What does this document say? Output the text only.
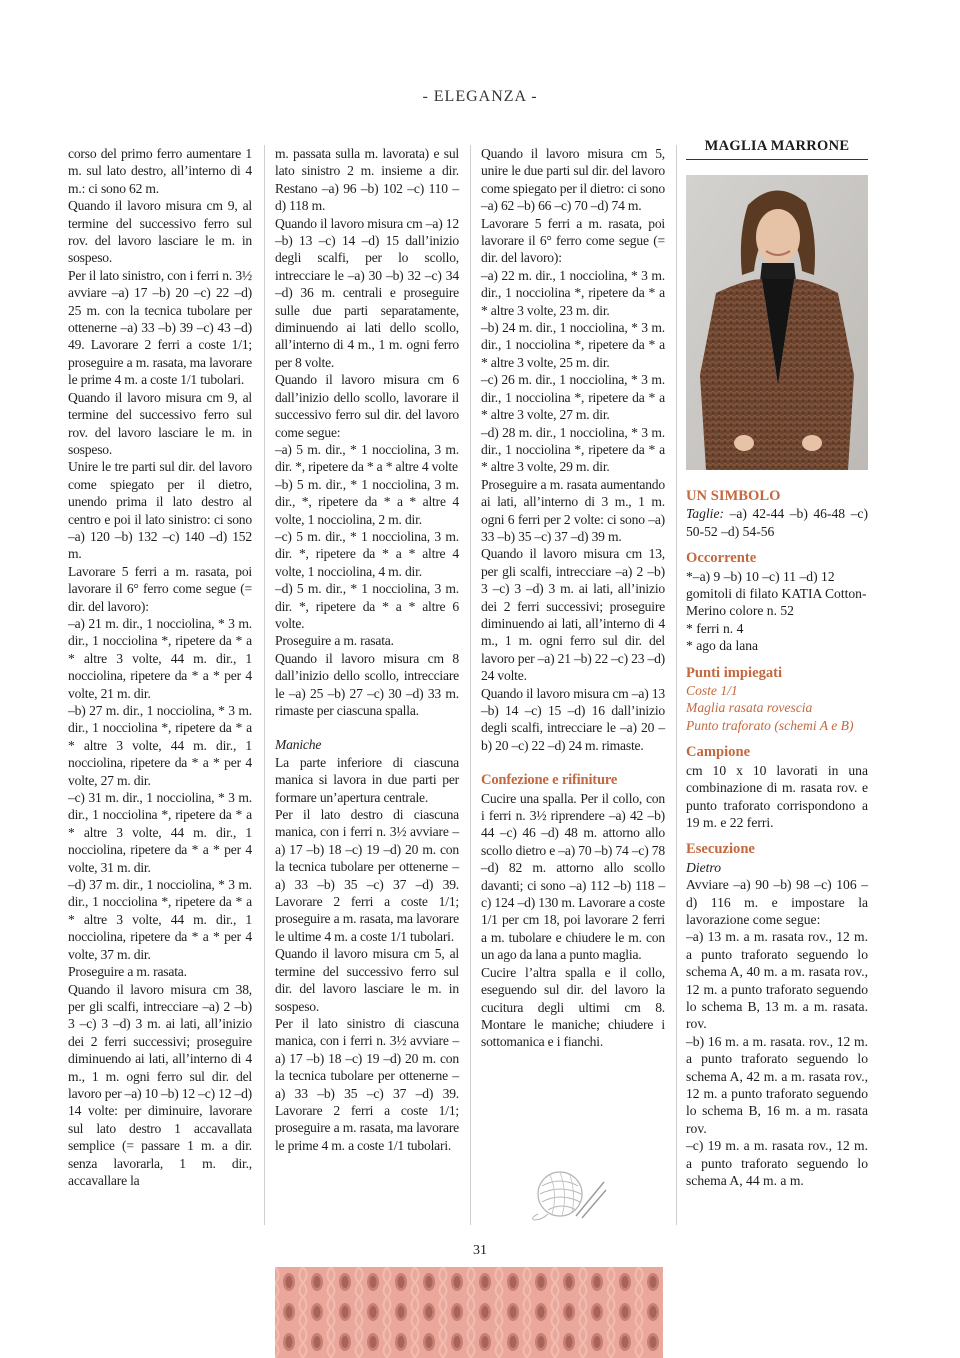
- ELEGANZA -

corso del primo ferro aumentare 1 m. sul lato destro, all’interno di 4 m.: ci sono 62 m.

Quando il lavoro misura cm 9, al termine del successivo ferro sul rov. del lavoro lasciare le m. in sospeso.

Per il lato sinistro, con i ferri n. 3½ avviare –a) 17 –b) 20 –c) 22 –d) 25 m. con la tecnica tubolare per ottenerne –a) 33 –b) 39 –c) 43 –d) 49. Lavorare 2 ferri a coste 1/1; proseguire a m. rasata, ma lavorare le prime 4 m. a coste 1/1 tubolari.

Quando il lavoro misura cm 9, al termine del successivo ferro sul rov. del lavoro lasciare le m. in sospeso.

Unire le tre parti sul dir. del lavoro come spiegato per il dietro, unendo prima il lato destro al centro e poi il lato sinistro: ci sono –a) 120 –b) 132 –c) 140 –d) 152 m.

Lavorare 5 ferri a m. rasata, poi lavorare il 6° ferro come segue (= dir. del lavoro):

–a) 21 m. dir., 1 nocciolina, * 3 m. dir., 1 nocciolina *, ripetere da * a * altre 3 volte, 44 m. dir., 1 nocciolina, ripetere da * a * per 4 volte, 21 m. dir.

–b) 27 m. dir., 1 nocciolina, * 3 m. dir., 1 nocciolina *, ripetere da * a * altre 3 volte, 44 m. dir., 1 nocciolina, ripetere da * a * per 4 volte, 27 m. dir.

–c) 31 m. dir., 1 nocciolina, * 3 m. dir., 1 nocciolina *, ripetere da * a * altre 3 volte, 44 m. dir., 1 nocciolina, ripetere da * a * per 4 volte, 31 m. dir.

–d) 37 m. dir., 1 nocciolina, * 3 m. dir., 1 nocciolina *, ripetere da * a * altre 3 volte, 44 m. dir., 1 nocciolina, ripetere da * a * per 4 volte, 37 m. dir.

Proseguire a m. rasata.

Quando il lavoro misura cm 38, per gli scalfi, intrecciare –a) 2 –b) 3 –c) 3 –d) 3 m. ai lati, all’inizio dei 2 ferri successivi; proseguire diminuendo ai lati, all’interno di 4 m., 1 m. ogni ferro sul dir. del lavoro per –a) 10 –b) 12 –c) 12 –d) 14 volte: per diminuire, lavorare sul lato destro 1 accavallata semplice (= passare 1 m. a dir. senza lavorarla, 1 m. dir., accavallare la

m. passata sulla m. lavorata) e sul lato sinistro 2 m. insieme a dir. Restano –a) 96 –b) 102 –c) 110 –d) 118 m.

Quando il lavoro misura cm –a) 12 –b) 13 –c) 14 –d) 15 dall’inizio degli scalfi, per lo scollo, intrecciare le –a) 30 –b) 32 –c) 34 –d) 36 m. centrali e proseguire sulle due parti separatamente, diminuendo ai lati dello scollo, all’interno di 4 m., 1 m. ogni ferro per 8 volte.

Quando il lavoro misura cm 6 dall’inizio dello scollo, lavorare il successivo ferro sul dir. del lavoro come segue:

–a) 5 m. dir., * 1 nocciolina, 3 m. dir. *, ripetere da * a * altre 4 volte

–b) 5 m. dir., * 1 nocciolina, 3 m. dir., *, ripetere da * a * altre 4 volte, 1 nocciolina, 2 m. dir.

–c) 5 m. dir., * 1 nocciolina, 3 m. dir. *, ripetere da * a * altre 4 volte, 1 nocciolina, 4 m. dir.

–d) 5 m. dir., * 1 nocciolina, 3 m. dir. *, ripetere da * a * altre 6 volte.

Proseguire a m. rasata.

Quando il lavoro misura cm 8 dall’inizio dello scollo, intrecciare le –a) 25 –b) 27 –c) 30 –d) 33 m. rimaste per ciascuna spalla.

Maniche

La parte inferiore di ciascuna manica si lavora in due parti per formare un’apertura centrale.

Per il lato destro di ciascuna manica, con i ferri n. 3½ avviare –a) 17 –b) 18 –c) 19 –d) 20 m. con la tecnica tubolare per ottenerne –a) 33 –b) 35 –c) 37 –d) 39. Lavorare 2 ferri a coste 1/1; proseguire a m. rasata, ma lavorare le ultime 4 m. a coste 1/1 tubolari.

Quando il lavoro misura cm 5, al termine del successivo ferro sul dir. del lavoro lasciare le m. in sospeso.

Per il lato sinistro di ciascuna manica, con i ferri n. 3½ avviare –a) 17 –b) 18 –c) 19 –d) 20 m. con la tecnica tubolare per ottenerne –a) 33 –b) 35 –c) 37 –d) 39. Lavorare 2 ferri a coste 1/1; proseguire a m. rasata, ma lavorare le prime 4 m. a coste 1/1 tubolari.

Quando il lavoro misura cm 5, unire le due parti sul dir. del lavoro come spiegato per il dietro: ci sono –a) 62 –b) 66 –c) 70 –d) 74 m.

Lavorare 5 ferri a m. rasata, poi lavorare il 6° ferro come segue (= dir. del lavoro):

–a) 22 m. dir., 1 nocciolina, * 3 m. dir., 1 nocciolina *, ripetere da * a * altre 3 volte, 23 m. dir.

–b) 24 m. dir., 1 nocciolina, * 3 m. dir., 1 nocciolina *, ripetere da * a * altre 3 volte, 25 m. dir.

–c) 26 m. dir., 1 nocciolina, * 3 m. dir., 1 nocciolina *, ripetere da * a * altre 3 volte, 27 m. dir.

–d) 28 m. dir., 1 nocciolina, * 3 m. dir., 1 nocciolina *, ripetere da * a * altre 3 volte, 29 m. dir.

Proseguire a m. rasata aumentando ai lati, all’interno di 3 m., 1 m. ogni 6 ferri per 2 volte: ci sono –a) 33 –b) 35 –c) 37 –d) 39 m.

Quando il lavoro misura cm 13, per gli scalfi, intrecciare –a) 2 –b) 3 –c) 3 –d) 3 m. ai lati, all’inizio dei 2 ferri successivi; proseguire diminuendo ai lati, all’interno di 4 m., 1 m. ogni ferro sul dir. del lavoro per –a) 21 –b) 22 –c) 23 –d) 24 volte.

Quando il lavoro misura cm –a) 13 –b) 14 –c) 15 –d) 16 dall’inizio degli scalfi, intrecciare le –a) 20 –b) 20 –c) 22 –d) 24 m. rimaste.

Confezione e rifiniture

Cucire una spalla. Per il collo, con i ferri n. 3½ riprendere –a) 42 –b) 44 –c) 46 –d) 48 m. attorno allo scollo dietro e –a) 70 –b) 74 –c) 78 –d) 82 m. attorno allo scollo davanti; ci sono –a) 112 –b) 118 –c) 124 –d) 130 m. Lavorare a coste 1/1 per cm 18, poi lavorare 2 ferri a m. tubolare e chiudere le m. con un ago da lana a punto maglia.

Cucire l’altra spalla e il collo, eseguendo sul dir. del lavoro la cucitura degli ultimi cm 8. Montare le maniche; chiudere i sottomanica e i fianchi.

MAGLIA MARRONE

UN SIMBOLO

Taglie: –a) 42-44 –b) 46-48 –c) 50-52 –d) 54-56

Occorrente

*–a) 9 –b) 10 –c) 11 –d) 12 gomitoli di filato KATIA Cotton-Merino colore n. 52

* ferri n. 4

* ago da lana

Punti impiegati

Coste 1/1

Maglia rasata rovescia

Punto traforato (schemi A e B)

Campione

cm 10 x 10 lavorati in una combinazione di m. rasata rov. e punto traforato corrispondono a 19 m. e 22 ferri.

Esecuzione

Dietro

Avviare –a) 90 –b) 98 –c) 106 –d) 116 m. e impostare la lavorazione come segue:

–a) 13 m. a m. rasata rov., 12 m. a punto traforato seguendo lo schema A, 40 m. a m. rasata rov., 12 m. a punto traforato seguendo lo schema B, 13 m. a m. rasata. rov.

–b) 16 m. a m. rasata. rov., 12 m. a punto traforato seguendo lo schema A, 42 m. a m. rasata rov., 12 m. a punto traforato seguendo lo schema B, 16 m. a m. rasata rov.

–c) 19 m. a m. rasata rov., 12 m. a punto traforato seguendo lo schema A, 44 m. a m.

31
